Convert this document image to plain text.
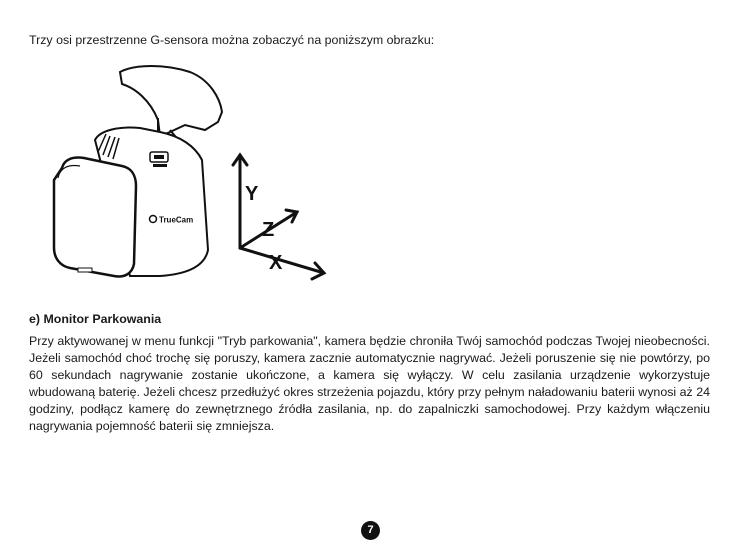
Trzy osi przestrzenne G-sensora można zobaczyć na poniższym obrazku:
TrueCam
Y
Z
X
e) Monitor Parkowania
Przy aktywowanej w menu funkcji "Tryb parkowania", kamera będzie chroniła Twój samochód podczas Twojej nieobecności. Jeżeli samochód choć trochę się poruszy, kamera zacznie automatycznie nagrywać. Jeżeli poruszenie się nie powtórzy, po 60 sekundach nagrywanie zostanie ukończone, a kamera się wyłączy. W celu zasilania urządzenie wykorzystuje wbudowaną baterię. Jeżeli chcesz przedłużyć okres strzeżenia pojazdu, który przy pełnym naładowaniu baterii wynosi aż 24 godziny, podłącz kamerę do zewnętrznego źródła zasilania, np. do zapalniczki samochodowej. Przy każdym włączeniu nagrywania pojemność baterii się zmniejsza.
7
